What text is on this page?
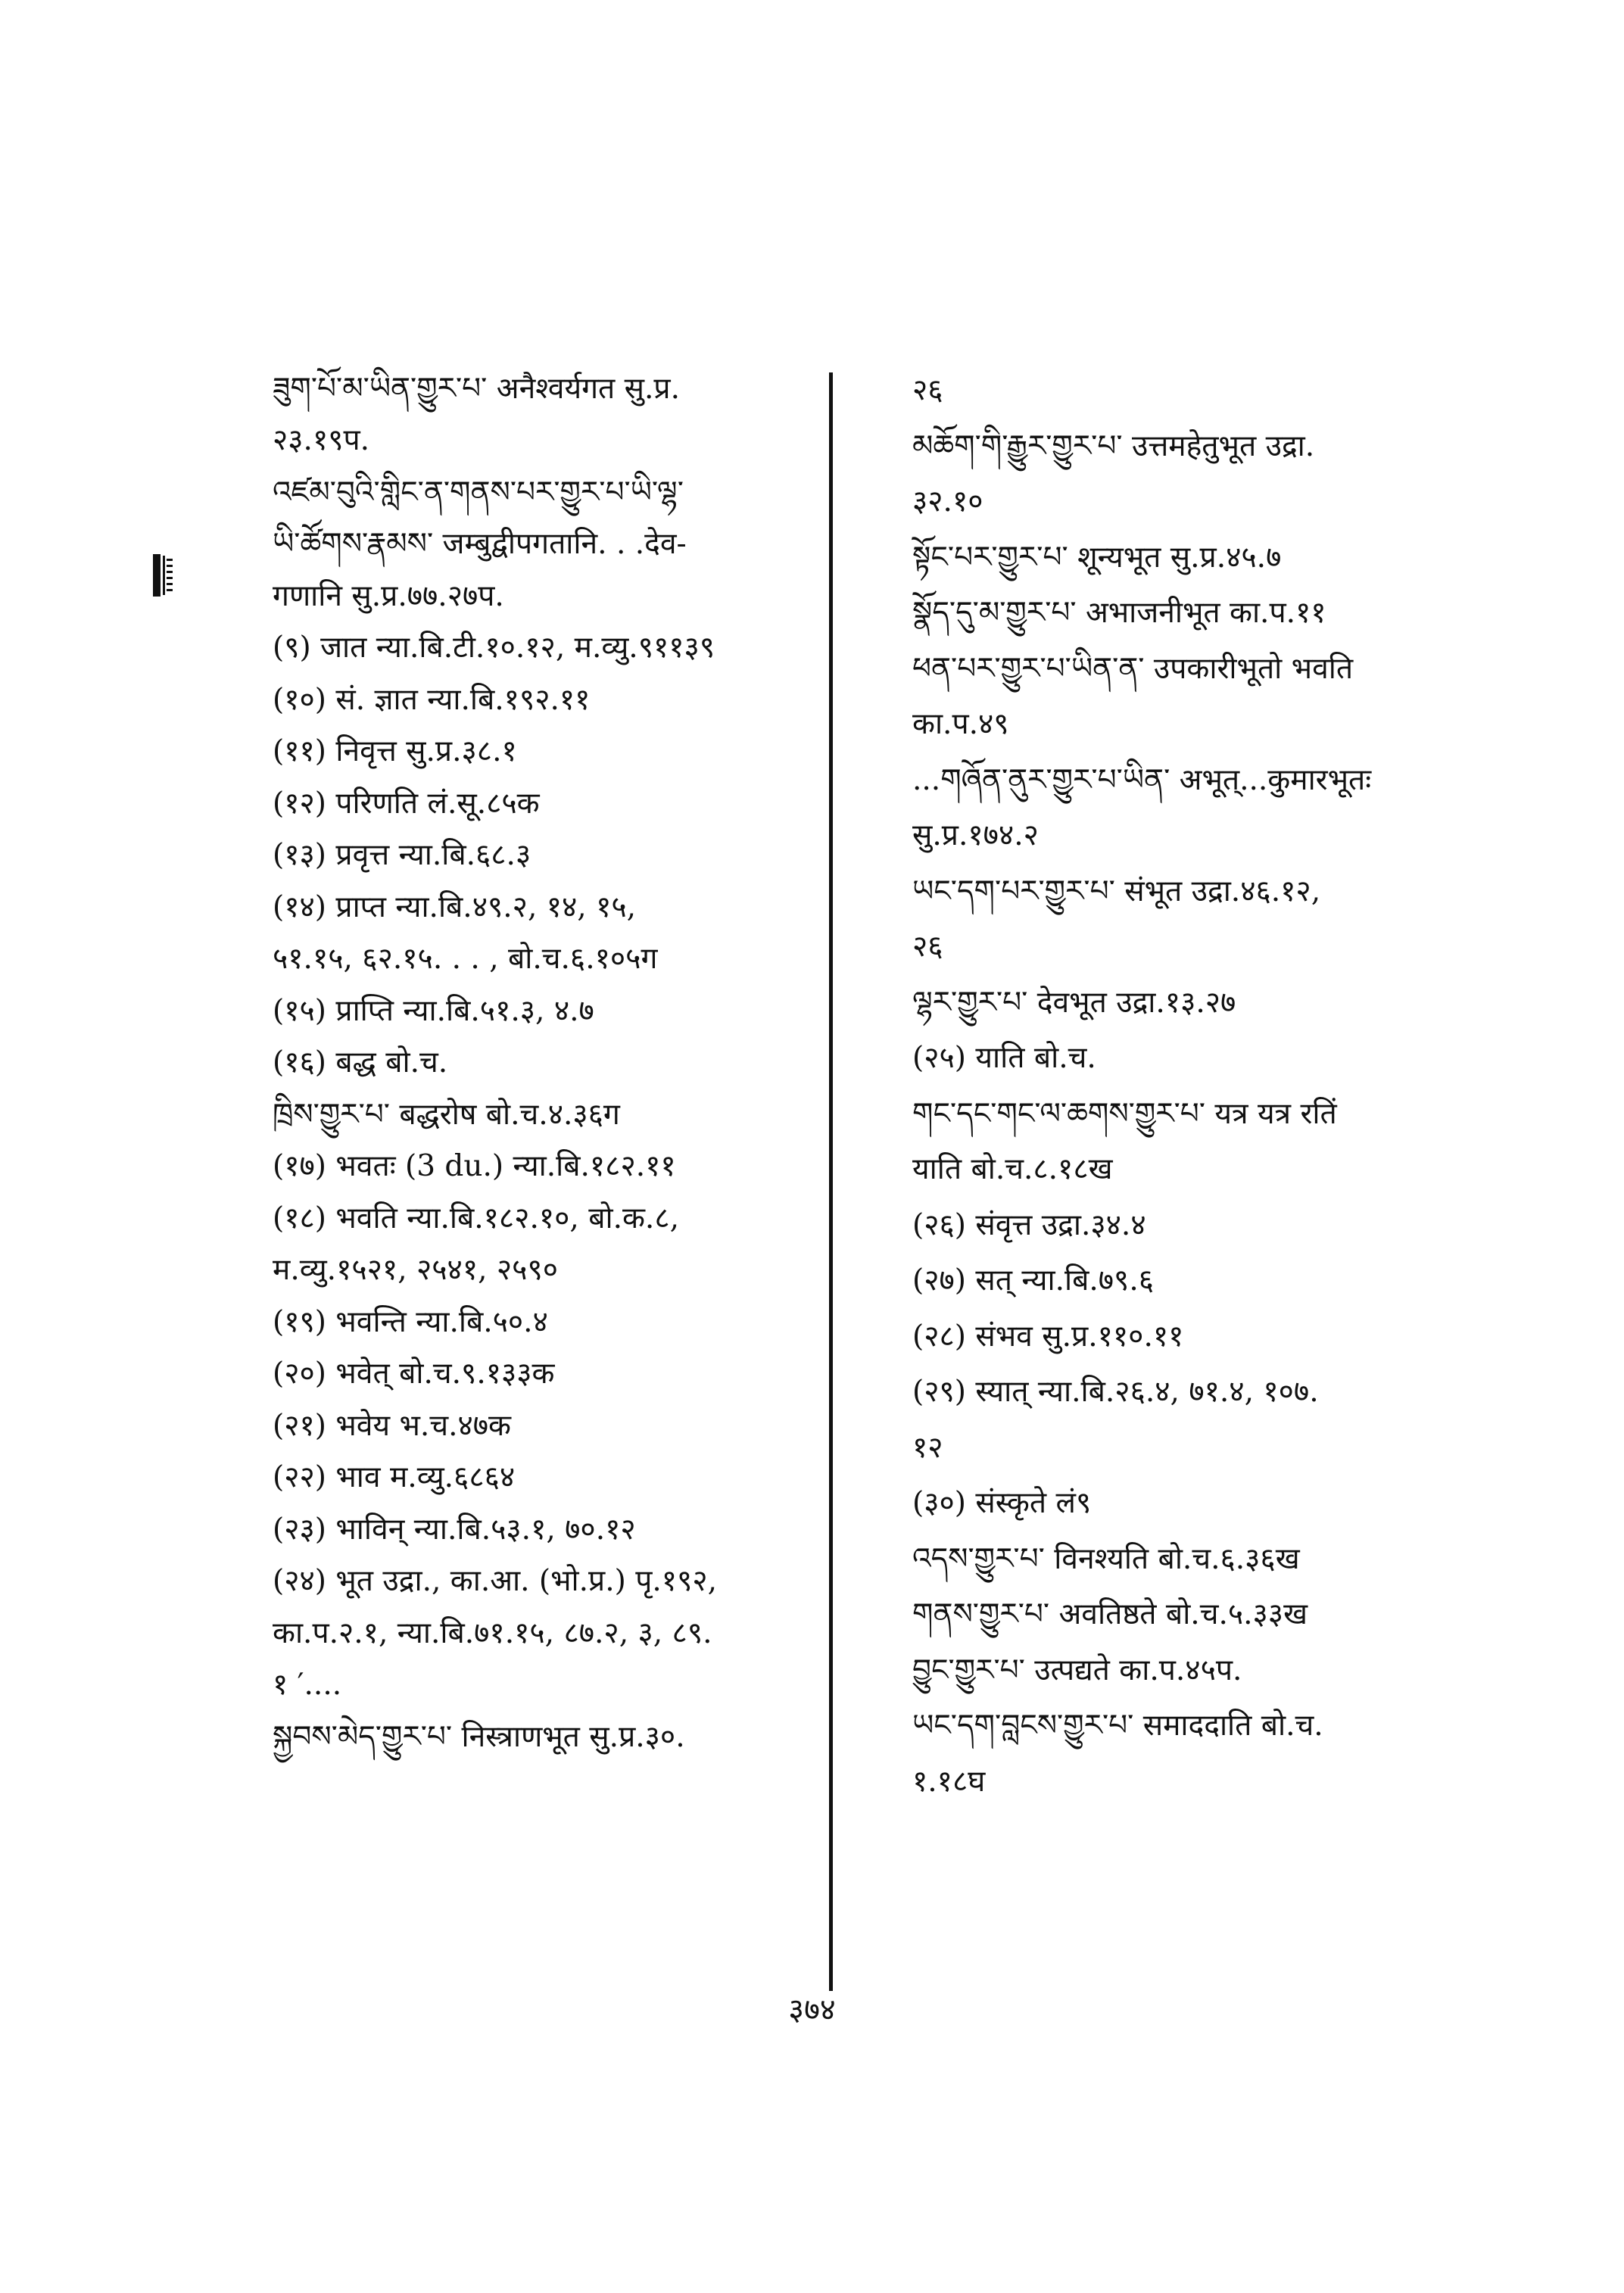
ཟུག་པོ་མ་ཡིན་གྱུར་པ་ अनैश्वर्यगत सु.प्र.
२३.१९प.
འཛམ་བུའི་གླིང་ན་གནས་པར་གྱུར་པ་ཡི་ལྷ་
ཡི་ཚོགས་རྣམས་ जम्बुद्वीपगतानि. . .देव-
गणानि सु.प्र.७७.२७प.
(९) जात न्या.बि.टी.१०.१२, म.व्यु.९११३९
(१०) सं. ज्ञात न्या.बि.१९२.११
(११) निवृत्त सु.प्र.३८.१
(१२) परिणति लं.सू.८५क
(१३) प्रवृत्त न्या.बि.६८.३
(१४) प्राप्त न्या.बि.४९.२, १४, १५,
५१.१५, ६२.१५. . . , बो.च.६.१०५ग
(१५) प्राप्ति न्या.बि.५१.३, ४.७
(१६) बद्ध बो.च.
ཁྲིས་གྱུར་པ་ बद्धरोष बो.च.४.३६ग
(१७) भवतः (3 du.) न्या.बि.१८२.११
(१८) भवति न्या.बि.१८२.१०, बो.क.८,
म.व्यु.१५२१, २५४१, २५९०
(१९) भवन्ति न्या.बि.५०.४
(२०) भवेत् बो.च.९.१३३क
(२१) भवेय भ.च.४७क
(२२) भाव म.व्यु.६८६४
(२३) भाविन् न्या.बि.५३.१, ७०.१२
(२४) भूत उद्रा., का.आ. (भो.प्र.) पृ.१९२,
का.प.२.१, न्या.बि.७१.१५, ८७.२, ३, ८९.
१ ′....
སྐྱབས་མེད་གྱུར་པ་ निस्त्राणभूत सु.प्र.३०.
२६
མཆོག་གི་རྒྱུར་གྱུར་པ་ उत्तमहेतुभूत उद्रा.
३२.१०
སྟོང་པར་གྱུར་པ་ शून्यभूत सु.प्र.४५.७
སྣོད་དུ་མ་གྱུར་པ་ अभाजनीभूत का.प.११
ཕན་པར་གྱུར་པ་ཡིན་ན་ उपकारीभूतो भवति
का.प.४९
...གཞོན་ནུར་གྱུར་པ་ཡིན་ अभूत्...कुमारभूतः
सु.प्र.१७४.२
ཡང་དག་པར་གྱུར་པ་ संभूत उद्रा.४६.१२,
२६
ལྷར་གྱུར་པ་ देवभूत उद्रा.१३.२७
(२५) याति बो.च.
གང་དང་གང་ལ་ཆགས་གྱུར་པ་ यत्र यत्र रतिं
याति बो.च.८.१८ख
(२६) संवृत्त उद्रा.३४.४
(२७) सत् न्या.बि.७९.६
(२८) संभव सु.प्र.११०.११
(२९) स्यात् न्या.बि.२६.४, ७१.४, १०७.
१२
(३०) संस्कृते लं९
འདས་གྱུར་པ་ विनश्यति बो.च.६.३६ख
གནས་གྱུར་པ་ अवतिष्ठते बो.च.५.३३ख
བྱུང་གྱུར་པ་ उत्पद्यते का.प.४५प.
ཡང་དག་བླངས་གྱུར་པ་ समाददाति बो.च.
१.१८घ
३७४
